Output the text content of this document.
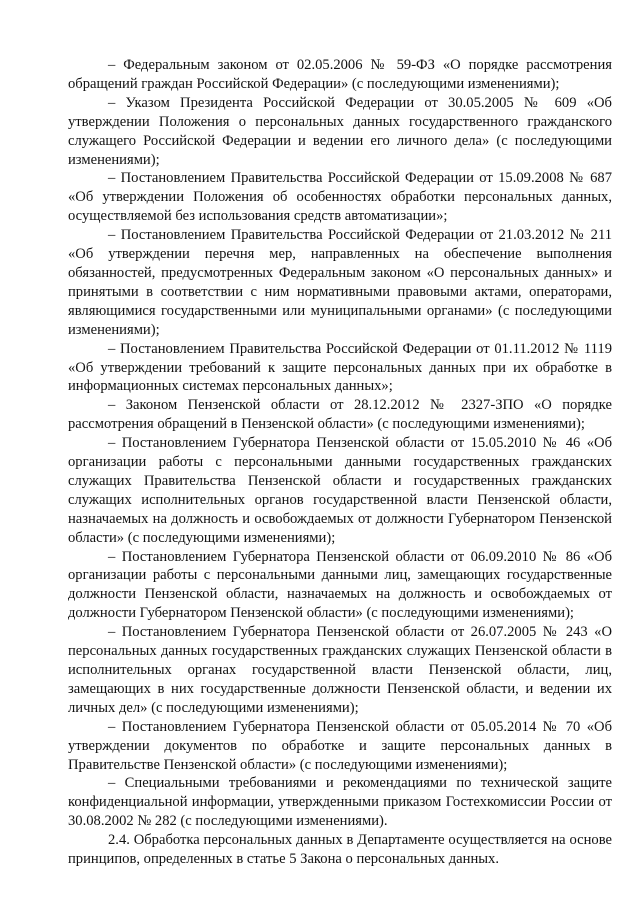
– Федеральным законом от 02.05.2006 № 59-ФЗ «О порядке рассмотрения обращений граждан Российской Федерации» (с последующими изменениями);

– Указом Президента Российской Федерации от 30.05.2005 № 609 «Об утверждении Положения о персональных данных государственного гражданского служащего Российской Федерации и ведении его личного дела» (с последующими изменениями);

– Постановлением Правительства Российской Федерации от 15.09.2008 № 687 «Об утверждении Положения об особенностях обработки персональных данных, осуществляемой без использования средств автоматизации»;

– Постановлением Правительства Российской Федерации от 21.03.2012 № 211 «Об утверждении перечня мер, направленных на обеспечение выполнения обязанностей, предусмотренных Федеральным законом «О персональных данных» и принятыми в соответствии с ним нормативными правовыми актами, операторами, являющимися государственными или муниципальными органами» (с последующими изменениями);

– Постановлением Правительства Российской Федерации от 01.11.2012 № 1119 «Об утверждении требований к защите персональных данных при их обработке в информационных системах персональных данных»;

– Законом Пензенской области от 28.12.2012 № 2327-ЗПО «О порядке рассмотрения обращений в Пензенской области» (с последующими изменениями);

– Постановлением Губернатора Пензенской области от 15.05.2010 № 46 «Об организации работы с персональными данными государственных гражданских служащих Правительства Пензенской области и государственных гражданских служащих исполнительных органов государственной власти Пензенской области, назначаемых на должность и освобождаемых от должности Губернатором Пензенской области» (с последующими изменениями);

– Постановлением Губернатора Пензенской области от 06.09.2010 № 86 «Об организации работы с персональными данными лиц, замещающих государственные должности Пензенской области, назначаемых на должность и освобождаемых от должности Губернатором Пензенской области» (с последующими изменениями);

– Постановлением Губернатора Пензенской области от 26.07.2005 № 243 «О персональных данных государственных гражданских служащих Пензенской области в исполнительных органах государственной власти Пензенской области, лиц, замещающих в них государственные должности Пензенской области, и ведении их личных дел» (с последующими изменениями);

– Постановлением Губернатора Пензенской области от 05.05.2014 № 70 «Об утверждении документов по обработке и защите персональных данных в Правительстве Пензенской области» (с последующими изменениями);

– Специальными требованиями и рекомендациями по технической защите конфиденциальной информации, утвержденными приказом Гостехкомиссии России от 30.08.2002 № 282 (с последующими изменениями).

2.4. Обработка персональных данных в Департаменте осуществляется на основе принципов, определенных в статье 5 Закона о персональных данных.
